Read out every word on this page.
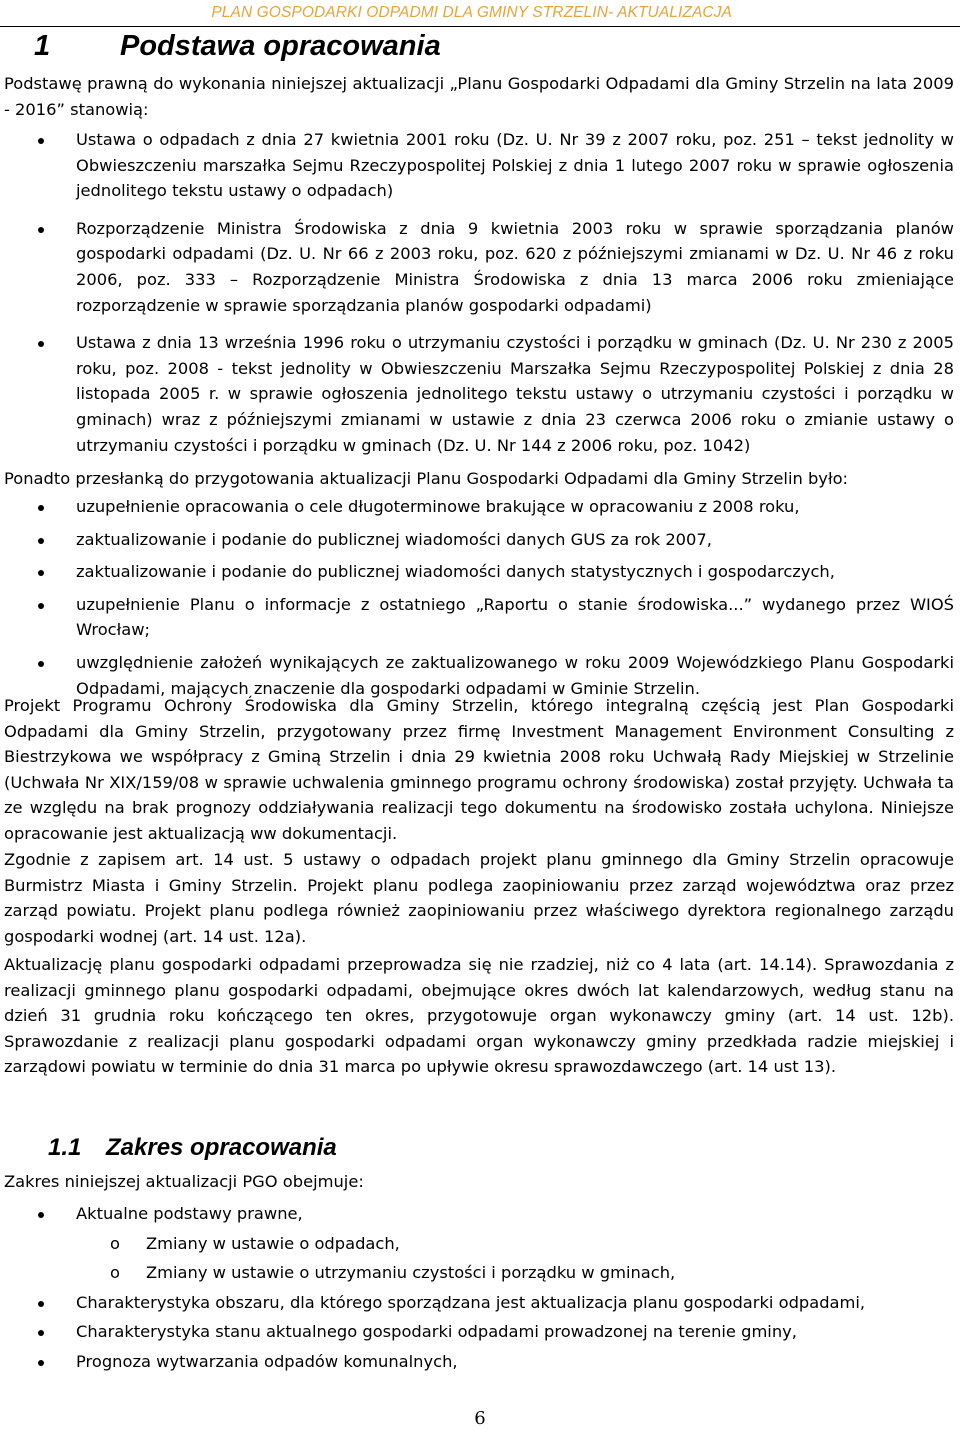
PLAN GOSPODARKI ODPADMI DLA GMINY STRZELIN- AKTUALIZACJA
1 Podstawa opracowania
Podstawę prawną do wykonania niniejszej aktualizacji „Planu Gospodarki Odpadami dla Gminy Strzelin na lata 2009 - 2016” stanowią:
Ustawa o odpadach z dnia 27 kwietnia 2001 roku (Dz. U. Nr 39 z 2007 roku, poz. 251 – tekst jednolity w Obwieszczeniu marszałka Sejmu Rzeczypospolitej Polskiej z dnia 1 lutego 2007 roku w sprawie ogłoszenia jednolitego tekstu ustawy o odpadach)
Rozporządzenie Ministra Środowiska z dnia 9 kwietnia 2003 roku w sprawie sporządzania planów gospodarki odpadami (Dz. U. Nr 66 z 2003 roku, poz. 620 z późniejszymi zmianami w Dz. U. Nr 46 z roku 2006, poz. 333 – Rozporządzenie Ministra Środowiska z dnia 13 marca 2006 roku zmieniające rozporządzenie w sprawie sporządzania planów gospodarki odpadami)
Ustawa z dnia 13 września 1996 roku o utrzymaniu czystości i porządku w gminach (Dz. U. Nr 230 z 2005 roku, poz. 2008 - tekst jednolity w Obwieszczeniu Marszałka Sejmu Rzeczypospolitej Polskiej z dnia 28 listopada 2005 r. w sprawie ogłoszenia jednolitego tekstu ustawy o utrzymaniu czystości i porządku w gminach) wraz z późniejszymi zmianami w ustawie z dnia 23 czerwca 2006 roku o zmianie ustawy o utrzymaniu czystości i porządku w gminach (Dz. U. Nr 144 z 2006 roku, poz. 1042)
Ponadto przesłanką do przygotowania aktualizacji Planu Gospodarki Odpadami dla Gminy Strzelin było:
uzupełnienie opracowania o cele długoterminowe brakujące w opracowaniu z 2008 roku,
zaktualizowanie i podanie do publicznej wiadomości danych GUS za rok 2007,
zaktualizowanie i podanie do publicznej wiadomości danych statystycznych i gospodarczych,
uzupełnienie Planu o informacje z ostatniego „Raportu o stanie środowiska...” wydanego przez WIOŚ Wrocław;
uwzględnienie założeń wynikających ze zaktualizowanego w roku 2009 Wojewódzkiego Planu Gospodarki Odpadami, mających znaczenie dla gospodarki odpadami w Gminie Strzelin.
Projekt Programu Ochrony Środowiska dla Gminy Strzelin, którego integralną częścią jest Plan Gospodarki Odpadami dla Gminy Strzelin, przygotowany przez firmę Investment Management Environment Consulting z Biestrzykowa we współpracy z Gminą Strzelin i dnia 29 kwietnia 2008 roku Uchwałą Rady Miejskiej w Strzelinie (Uchwała Nr XIX/159/08 w sprawie uchwalenia gminnego programu ochrony środowiska) został przyjęty. Uchwała ta ze względu na brak prognozy oddziaływania realizacji tego dokumentu na środowisko została uchylona. Niniejsze opracowanie jest aktualizacją ww dokumentacji.
Zgodnie z zapisem art. 14 ust. 5 ustawy o odpadach projekt planu gminnego dla Gminy Strzelin opracowuje Burmistrz Miasta i Gminy Strzelin. Projekt planu podlega zaopiniowaniu przez zarząd województwa oraz przez zarząd powiatu. Projekt planu podlega również zaopiniowaniu przez właściwego dyrektora regionalnego zarządu gospodarki wodnej (art. 14 ust. 12a).
Aktualizację planu gospodarki odpadami przeprowadza się nie rzadziej, niż co 4 lata (art. 14.14). Sprawozdania z realizacji gminnego planu gospodarki odpadami, obejmujące okres dwóch lat kalendarzowych, według stanu na dzień 31 grudnia roku kończącego ten okres, przygotowuje organ wykonawczy gminy (art. 14 ust. 12b). Sprawozdanie z realizacji planu gospodarki odpadami organ wykonawczy gminy przedkłada radzie miejskiej i zarządowi powiatu w terminie do dnia 31 marca po upływie okresu sprawozdawczego (art. 14 ust 13).
1.1 Zakres opracowania
Zakres niniejszej aktualizacji PGO obejmuje:
Aktualne podstawy prawne,
o Zmiany w ustawie o odpadach,
o Zmiany w ustawie o utrzymaniu czystości i porządku w gminach,
Charakterystyka obszaru, dla którego sporządzana jest aktualizacja planu gospodarki odpadami,
Charakterystyka stanu aktualnego gospodarki odpadami prowadzonej na terenie gminy,
Prognoza wytwarzania odpadów komunalnych,
6
